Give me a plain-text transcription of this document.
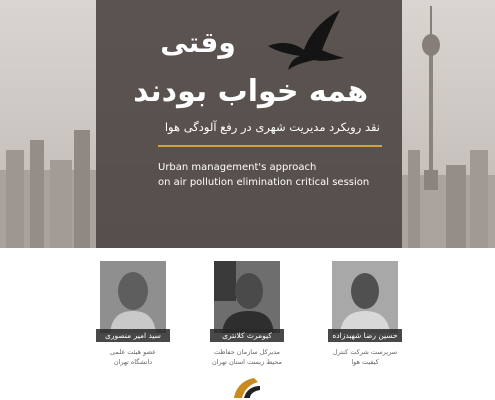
وقتی
همه خواب بودند
نقد رویکرد مدیریت شهری در رفع آلودگی هوا
Urban management's approach
on air pollution elimination critical session
سید امیر منصوری
عضو هیئت علمی
دانشگاه تهران
کیومرث کلانتری
مدیرکل سازمان حفاظت
محیط زیست استان تهران
حسین رضا شهبدزاده
سرپرست شرکت کنترل
کیفیت هوا
